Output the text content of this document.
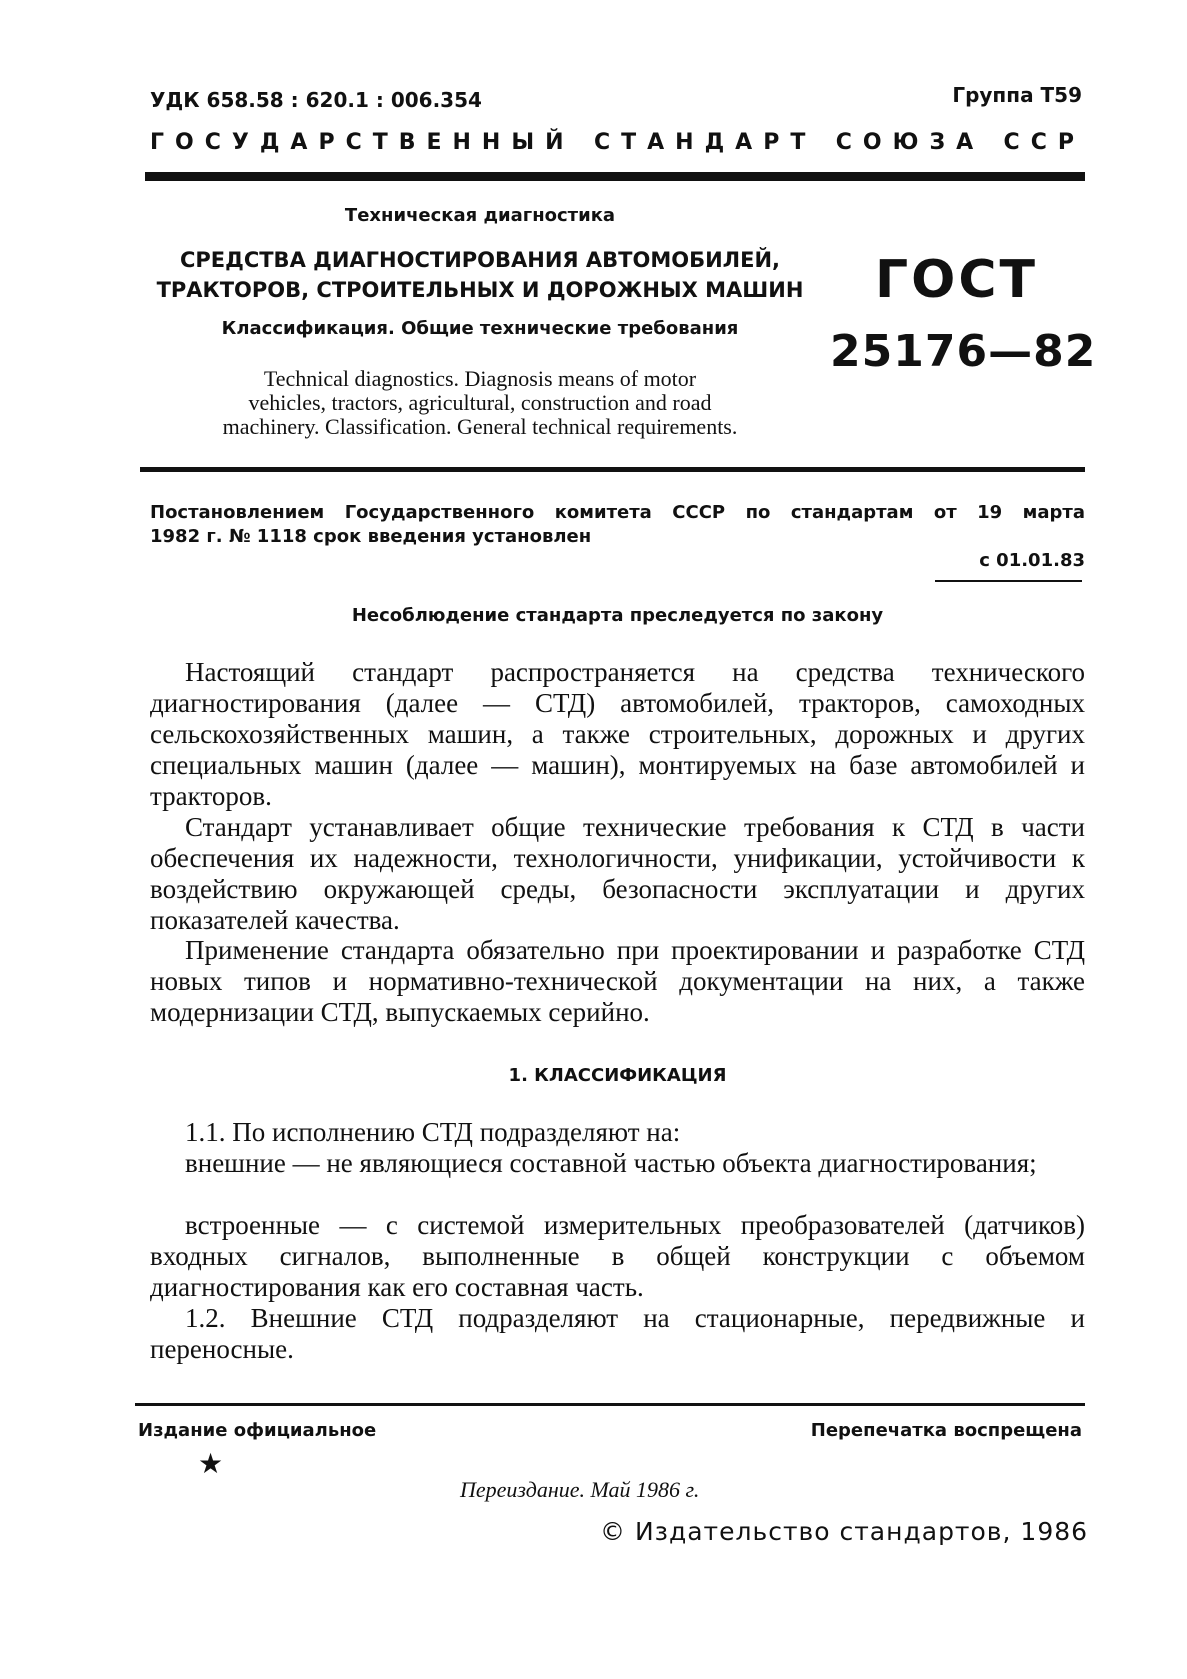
УДК 658.58 : 620.1 : 006.354	Группа Т59
ГОСУДАРСТВЕННЫЙ СТАНДАРТ СОЮЗА ССР
Техническая диагностика
СРЕДСТВА ДИАГНОСТИРОВАНИЯ АВТОМОБИЛЕЙ,
ТРАКТОРОВ, СТРОИТЕЛЬНЫХ И ДОРОЖНЫХ МАШИН
Классификация. Общие технические требования
Technical diagnostics. Diagnosis means of motor
vehicles, tractors, agricultural, construction and road
machinery. Classification. General technical requirements.
ГОСТ
25176—82
Постановлением Государственного комитета СССР по стандартам от 19 марта
1982 г. № 1118 срок введения установлен
с 01.01.83
Несоблюдение стандарта преследуется по закону
Настоящий стандарт распространяется на средства технического диагностирования (далее — СТД) автомобилей, тракторов, самоходных сельскохозяйственных машин, а также строительных, дорожных и других специальных машин (далее — машин), монтируемых на базе автомобилей и тракторов.
Стандарт устанавливает общие технические требования к СТД в части обеспечения их надежности, технологичности, унификации, устойчивости к воздействию окружающей среды, безопасности эксплуатации и других показателей качества.
Применение стандарта обязательно при проектировании и разработке СТД новых типов и нормативно-технической документации на них, а также модернизации СТД, выпускаемых серийно.
1. КЛАССИФИКАЦИЯ
1.1. По исполнению СТД подразделяют на:
внешние — не являющиеся составной частью объекта диагностирования;
встроенные — с системой измерительных преобразователей (датчиков) входных сигналов, выполненные в общей конструкции с объемом диагностирования как его составная часть.
1.2. Внешние СТД подразделяют на стационарные, передвижные и переносные.
Издание официальное	Перепечатка воспрещена
★
Переиздание. Май 1986 г.
© Издательство стандартов, 1986
